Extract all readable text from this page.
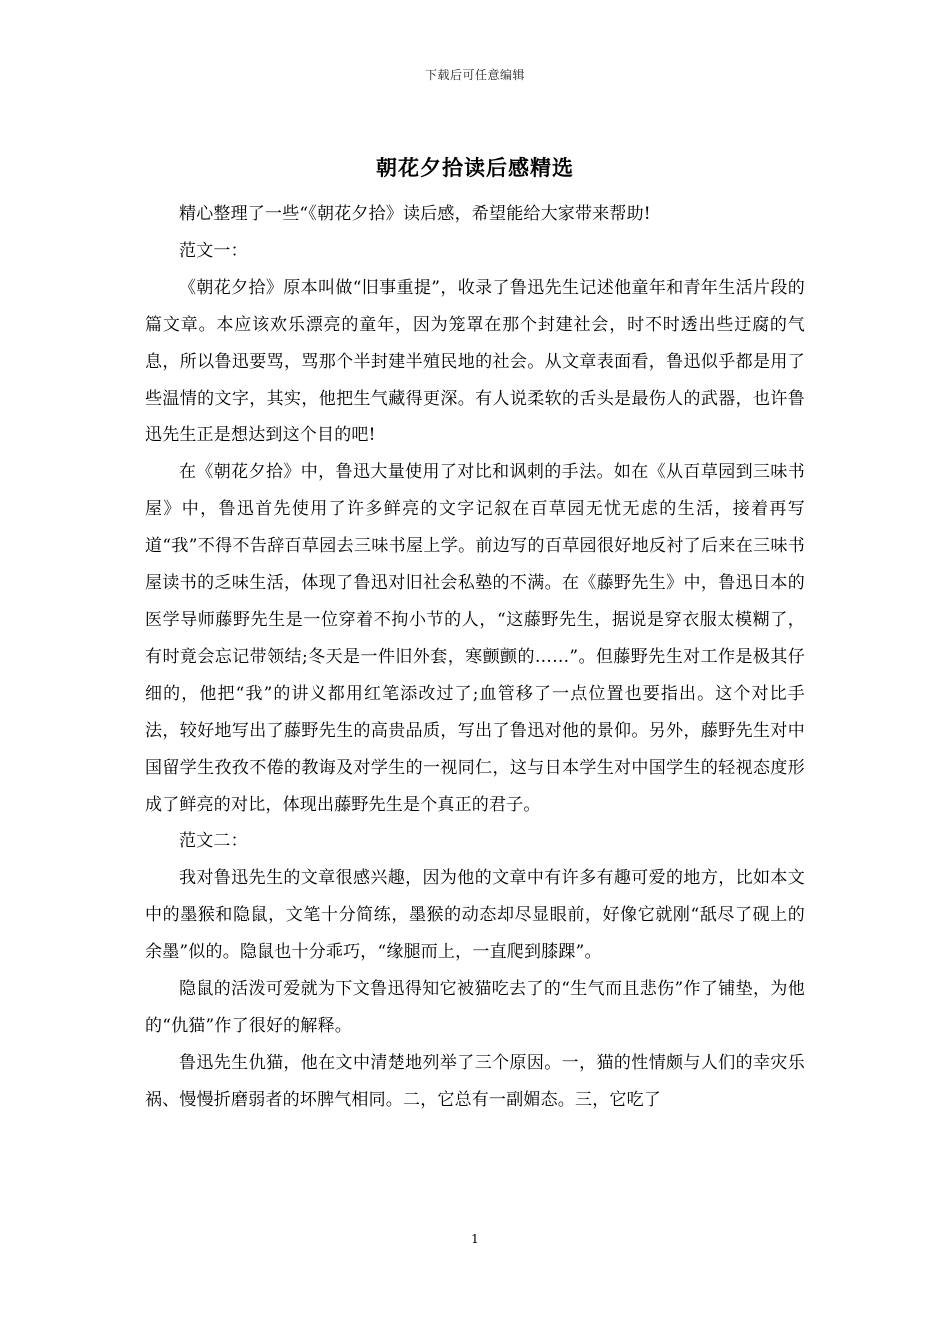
下载后可任意编辑
朝花夕拾读后感精选

精心整理了一些“《朝花夕拾》读后感，希望能给大家带来帮助!

范文一：

《朝花夕拾》原本叫做“旧事重提”，收录了鲁迅先生记述他童年和青年生活片段的篇文章。本应该欢乐漂亮的童年，因为笼罩在那个封建社会，时不时透出些迂腐的气息，所以鲁迅要骂，骂那个半封建半殖民地的社会。从文章表面看，鲁迅似乎都是用了些温情的文字，其实，他把生气藏得更深。有人说柔软的舌头是最伤人的武器，也许鲁迅先生正是想达到这个目的吧!

在《朝花夕拾》中，鲁迅大量使用了对比和讽刺的手法。如在《从百草园到三味书屋》中，鲁迅首先使用了许多鲜亮的文字记叙在百草园无忧无虑的生活，接着再写道“我”不得不告辞百草园去三味书屋上学。前边写的百草园很好地反衬了后来在三味书屋读书的乏味生活，体现了鲁迅对旧社会私塾的不满。在《藤野先生》中，鲁迅日本的医学导师藤野先生是一位穿着不拘小节的人，“这藤野先生，据说是穿衣服太模糊了，有时竟会忘记带领结;冬天是一件旧外套，寒颤颤的……”。但藤野先生对工作是极其仔细的，他把“我”的讲义都用红笔添改过了;血管移了一点位置也要指出。这个对比手法，较好地写出了藤野先生的高贵品质，写出了鲁迅对他的景仰。另外，藤野先生对中国留学生孜孜不倦的教诲及对学生的一视同仁，这与日本学生对中国学生的轻视态度形成了鲜亮的对比，体现出藤野先生是个真正的君子。

范文二：

我对鲁迅先生的文章很感兴趣，因为他的文章中有许多有趣可爱的地方，比如本文中的墨猴和隐鼠，文笔十分简练，墨猴的动态却尽显眼前，好像它就刚“舐尽了砚上的余墨”似的。隐鼠也十分乖巧，“缘腿而上，一直爬到膝踝”。

隐鼠的活泼可爱就为下文鲁迅得知它被猫吃去了的“生气而且悲伤”作了铺垫，为他的“仇猫”作了很好的解释。

鲁迅先生仇猫，他在文中清楚地列举了三个原因。一，猫的性情颇与人们的幸灾乐祸、慢慢折磨弱者的坏脾气相同。二，它总有一副媚态。三，它吃了

1
